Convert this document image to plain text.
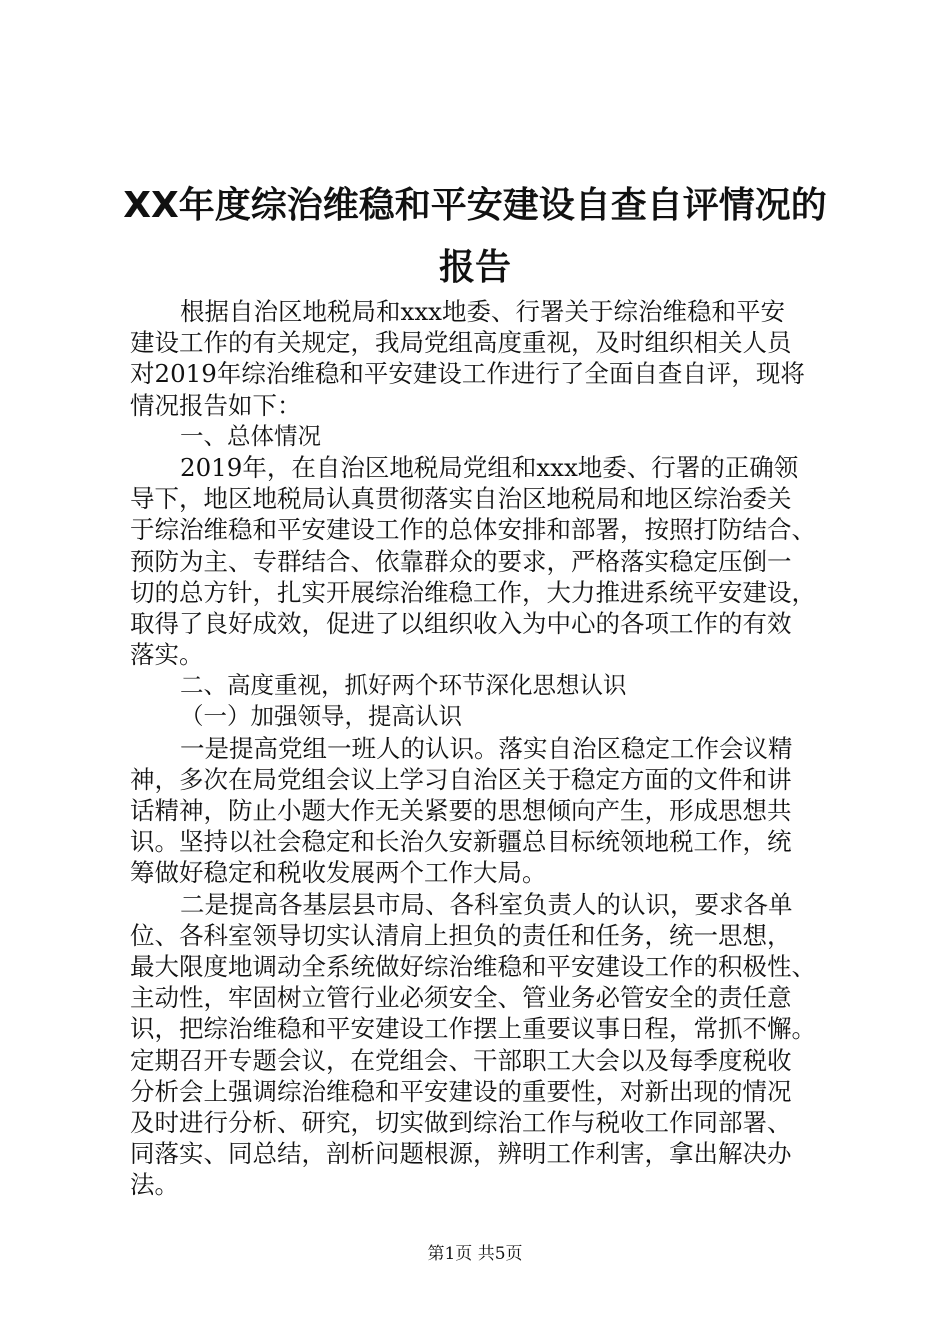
XX年度综治维稳和平安建设自查自评情况的
报告
根据自治区地税局和xxx地委、行署关于综治维稳和平安
建设工作的有关规定，我局党组高度重视，及时组织相关人员
对2019年综治维稳和平安建设工作进行了全面自查自评，现将
情况报告如下：
一、总体情况
2019年，在自治区地税局党组和xxx地委、行署的正确领
导下，地区地税局认真贯彻落实自治区地税局和地区综治委关
于综治维稳和平安建设工作的总体安排和部署，按照打防结合、
预防为主、专群结合、依靠群众的要求，严格落实稳定压倒一
切的总方针，扎实开展综治维稳工作，大力推进系统平安建设，
取得了良好成效，促进了以组织收入为中心的各项工作的有效
落实。
二、高度重视，抓好两个环节深化思想认识
（一）加强领导，提高认识
一是提高党组一班人的认识。落实自治区稳定工作会议精
神，多次在局党组会议上学习自治区关于稳定方面的文件和讲
话精神，防止小题大作无关紧要的思想倾向产生，形成思想共
识。坚持以社会稳定和长治久安新疆总目标统领地税工作，统
筹做好稳定和税收发展两个工作大局。
二是提高各基层县市局、各科室负责人的认识，要求各单
位、各科室领导切实认清肩上担负的责任和任务，统一思想，
最大限度地调动全系统做好综治维稳和平安建设工作的积极性、
主动性，牢固树立管行业必须安全、管业务必管安全的责任意
识，把综治维稳和平安建设工作摆上重要议事日程，常抓不懈。
定期召开专题会议，在党组会、干部职工大会以及每季度税收
分析会上强调综治维稳和平安建设的重要性，对新出现的情况
及时进行分析、研究，切实做到综治工作与税收工作同部署、
同落实、同总结，剖析问题根源，辨明工作利害，拿出解决办
法。
第1页 共5页
